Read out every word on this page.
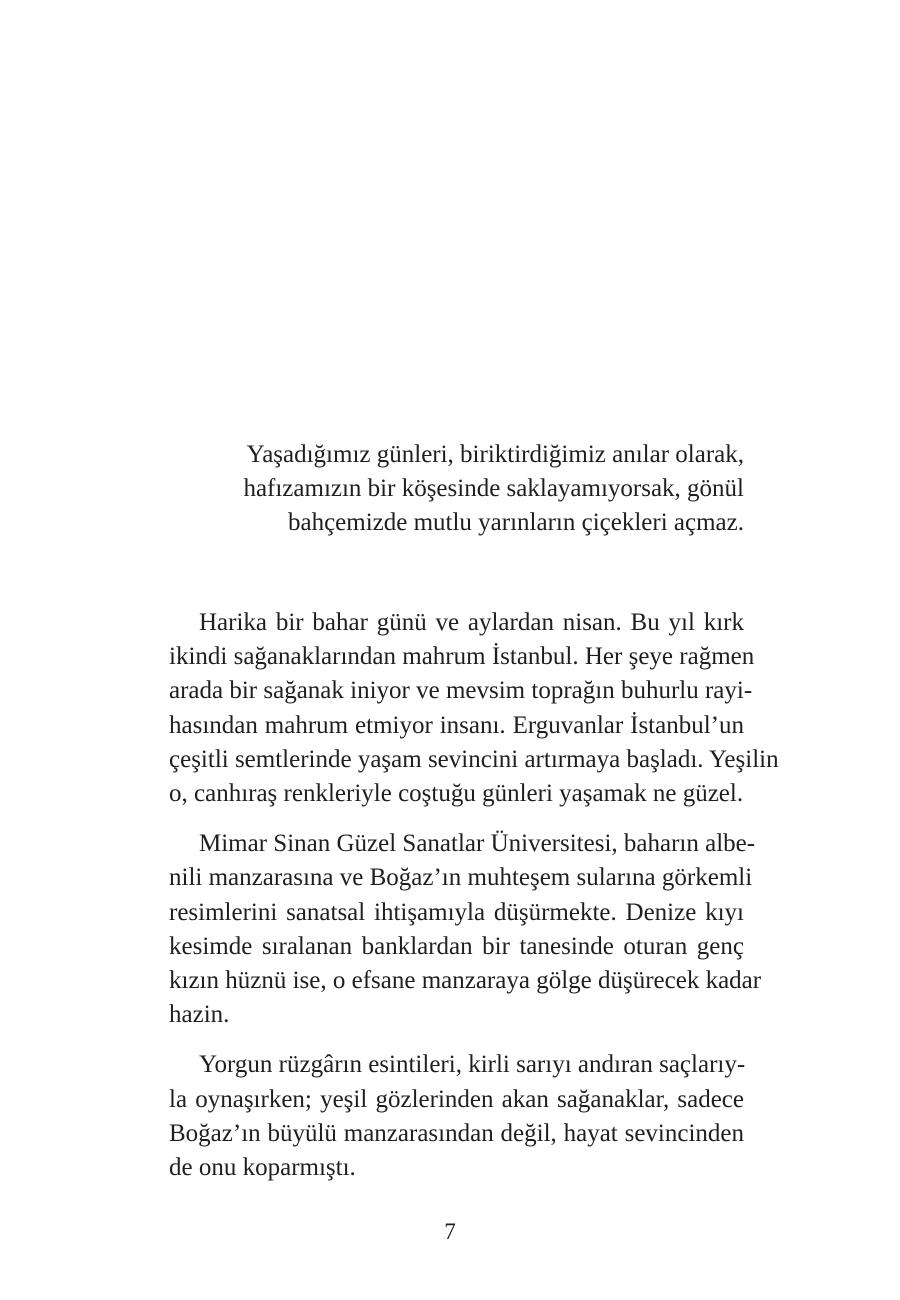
Yaşadığımız günleri, biriktirdiğimiz anılar olarak,
hafızamızın bir köşesinde saklayamıyorsak, gönül
bahçemizde mutlu yarınların çiçekleri açmaz.

Harika bir bahar günü ve aylardan nisan. Bu yıl kırk
ikindi sağanaklarından mahrum İstanbul. Her şeye rağmen
arada bir sağanak iniyor ve mevsim toprağın buhurlu rayi-
hasından mahrum etmiyor insanı. Erguvanlar İstanbul’un
çeşitli semtlerinde yaşam sevincini artırmaya başladı. Yeşilin
o, canhıraş renkleriyle coştuğu günleri yaşamak ne güzel.

Mimar Sinan Güzel Sanatlar Üniversitesi, baharın albe-
nili manzarasına ve Boğaz’ın muhteşem sularına görkemli
resimlerini sanatsal ihtişamıyla düşürmekte. Denize kıyı
kesimde sıralanan banklardan bir tanesinde oturan genç
kızın hüznü ise, o efsane manzaraya gölge düşürecek kadar
hazin.

Yorgun rüzgârın esintileri, kirli sarıyı andıran saçlarıy-
la oynaşırken; yeşil gözlerinden akan sağanaklar, sadece
Boğaz’ın büyülü manzarasından değil, hayat sevincinden
de onu koparmıştı.

7
